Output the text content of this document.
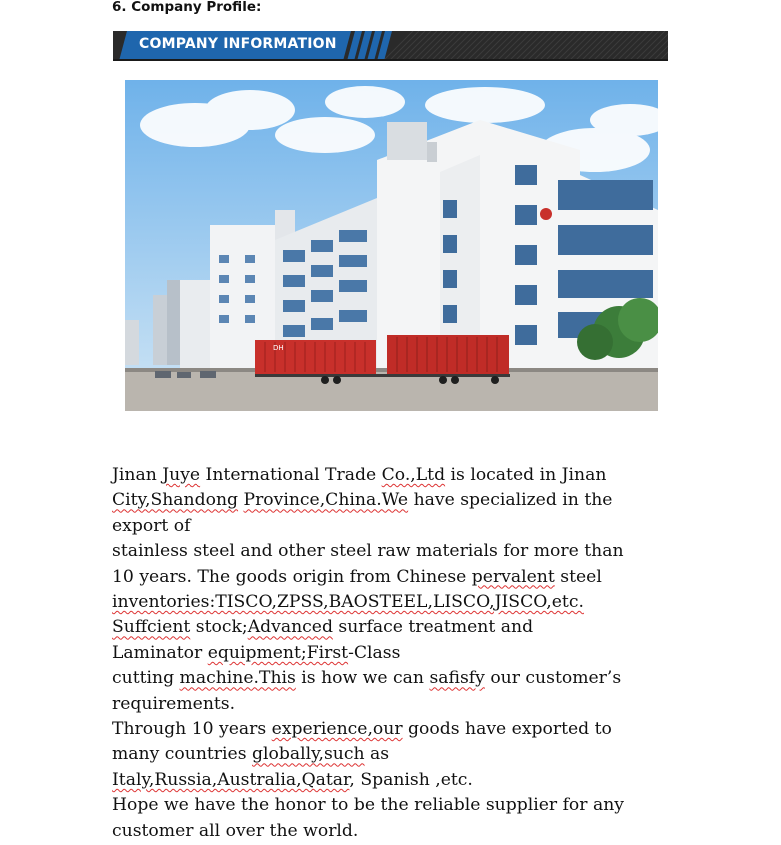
6. Company Profile:
COMPANY INFORMATION
DH

Jinan Juye International Trade Co.,Ltd is located in Jinan

City,Shandong Province,China.We have specialized in the

export of

stainless steel and other steel raw materials for more than

10 years. The goods origin from Chinese pervalent steel

inventories:TISCO,ZPSS,BAOSTEEL,LISCO,JISCO,etc.

Suffcient stock;Advanced surface treatment and

Laminator equipment;First-Class

cutting machine.This is how we can safisfy our customer’s

requirements.

Through 10 years experience,our goods have exported to

many countries globally,such as

Italy,Russia,Australia,Qatar, Spanish ,etc.

Hope we have the honor to be the reliable supplier for any

customer all over the world.
